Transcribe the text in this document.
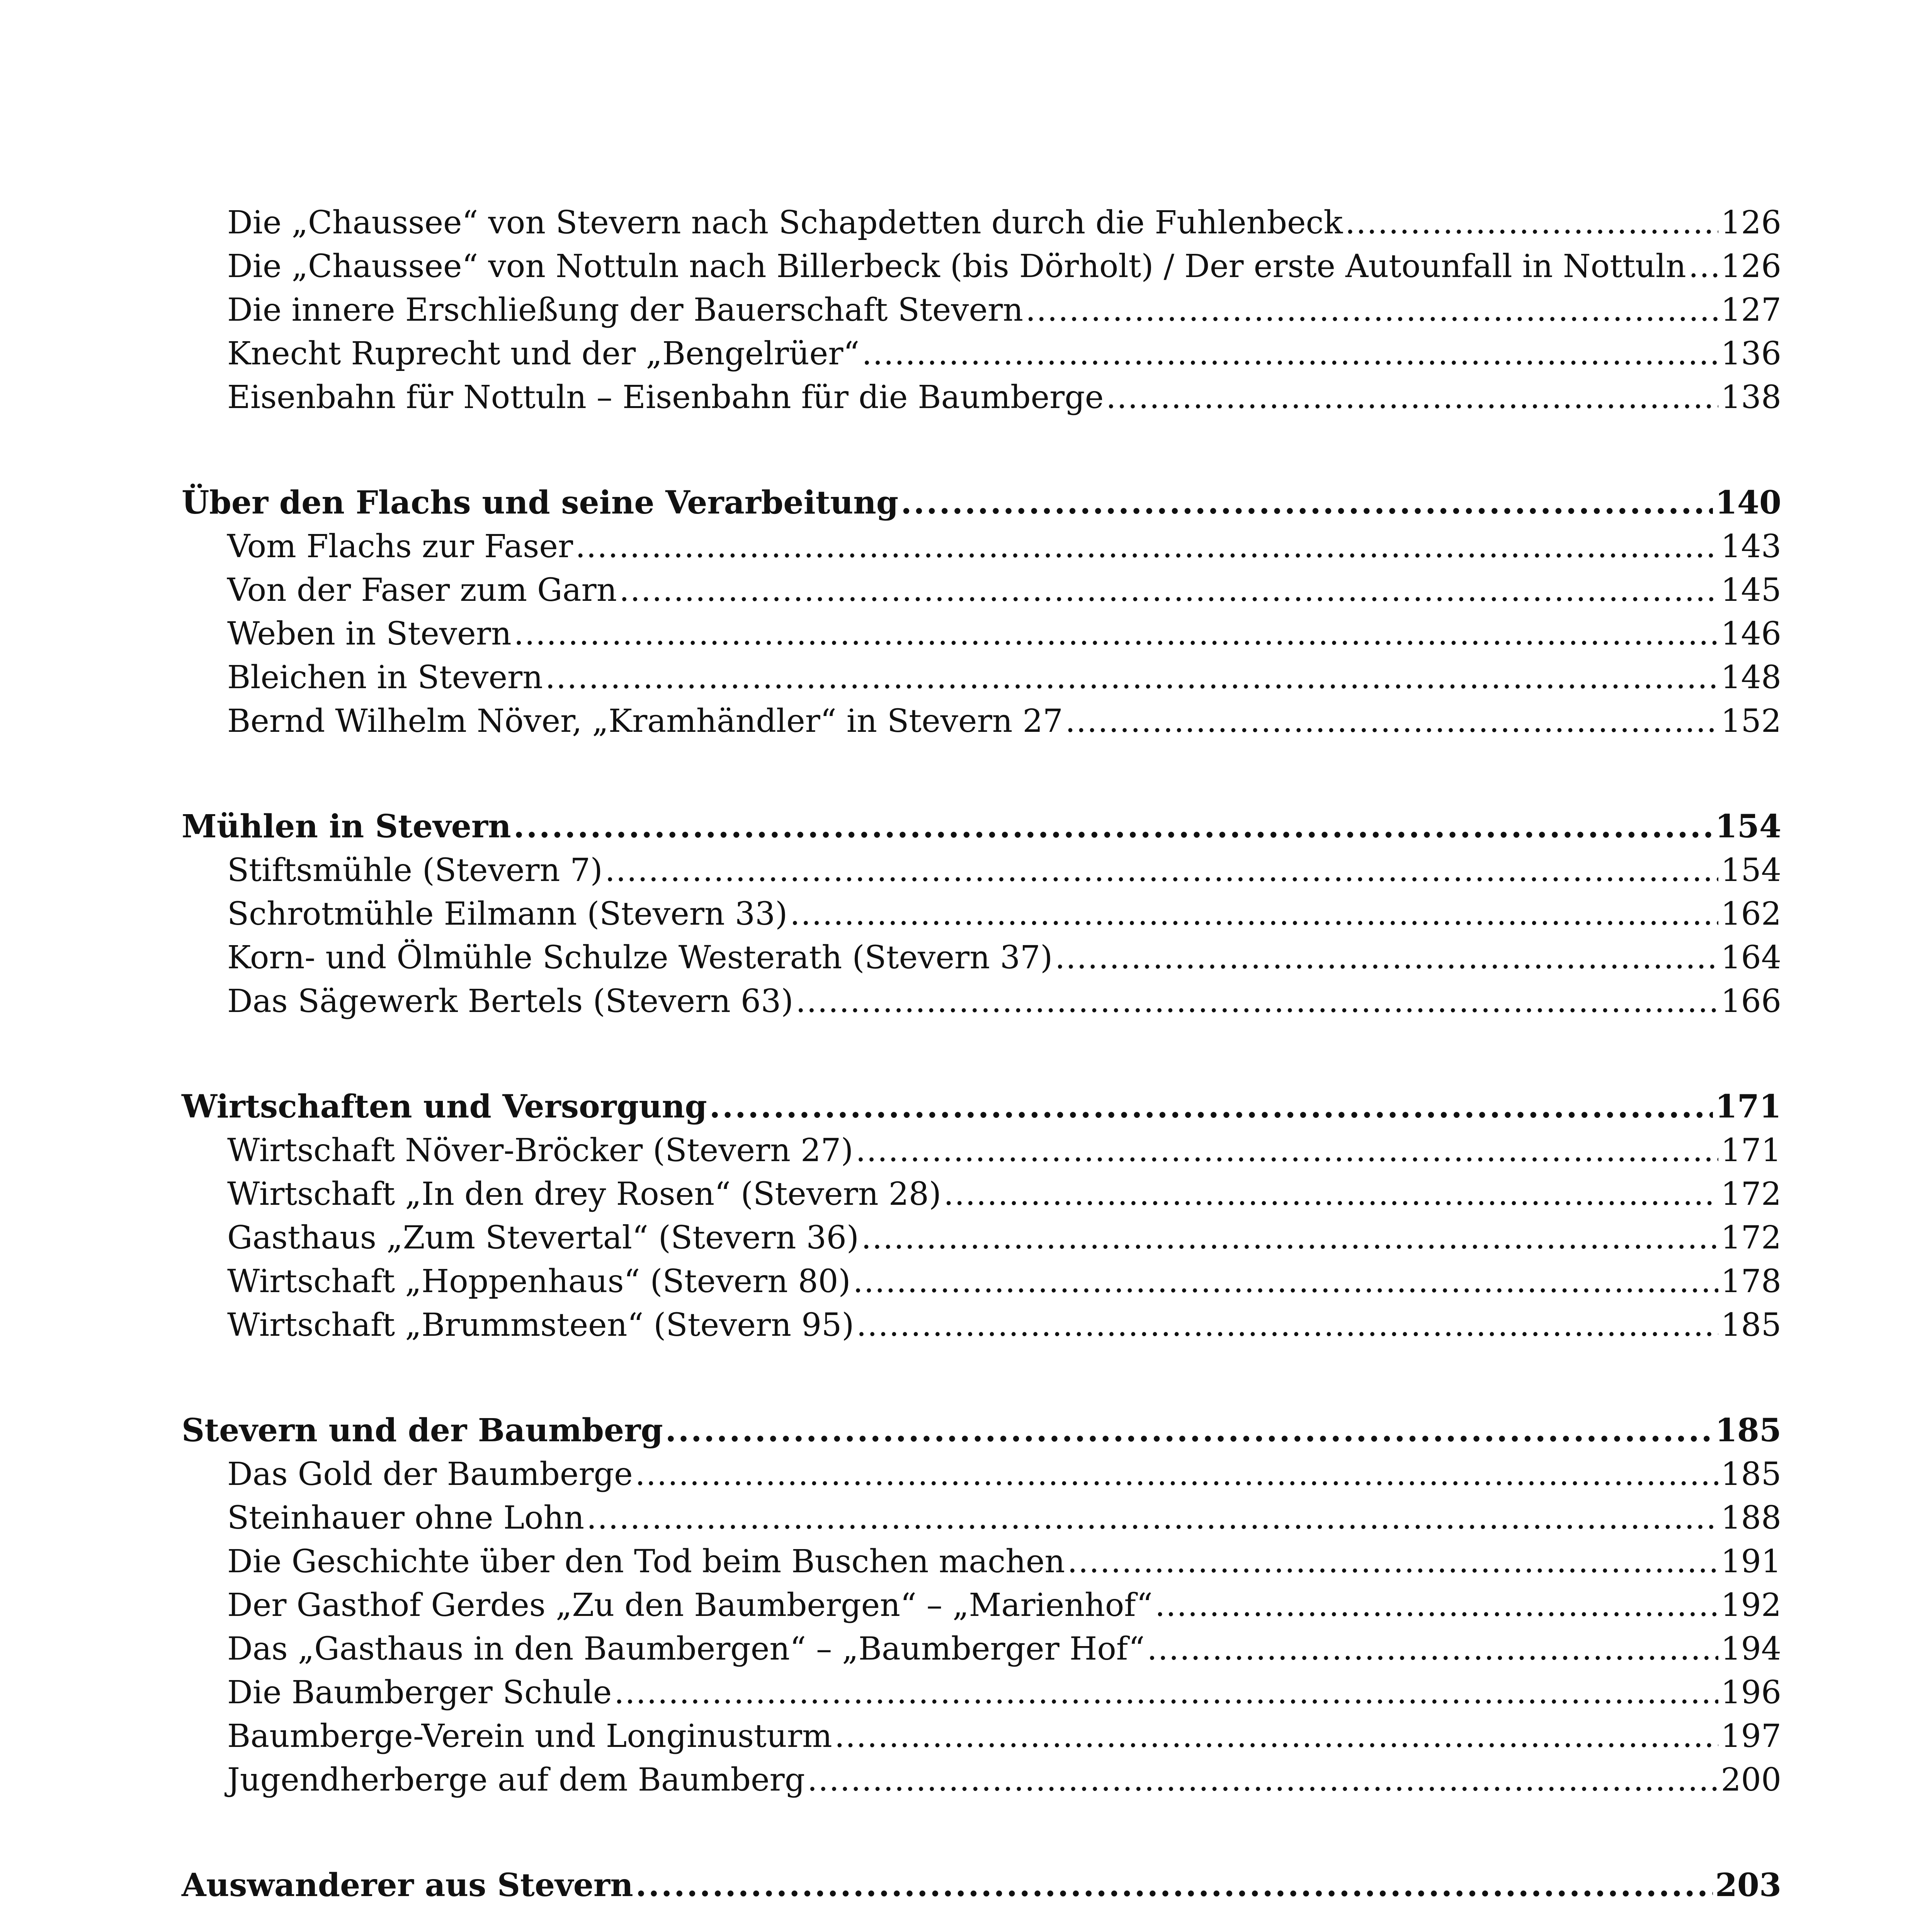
Die „Chaussee“ von Stevern nach Schapdetten durch die Fuhlenbeck . . .	126
Die „Chaussee“ von Nottuln nach Billerbeck (bis Dörholt) / Der erste Autounfall in Nottuln . . . 126
Die innere Erschließung der Bauerschaft Stevern . . .	127
Knecht Ruprecht und der „Bengelrüer“ . . .	136
Eisenbahn für Nottuln – Eisenbahn für die Baumberge . . .	138
Über den Flachs und seine Verarbeitung . . .	140
Vom Flachs zur Faser . . .	143
Von der Faser zum Garn . . .	145
Weben in Stevern . . .	146
Bleichen in Stevern . . .	148
Bernd Wilhelm Növer, „Kramhändler“ in Stevern 27 . . .	152
Mühlen in Stevern . . .	154
Stiftsmühle (Stevern 7) . . .	154
Schrotmühle Eilmann (Stevern 33) . . .	162
Korn- und Ölmühle Schulze Westerath (Stevern 37) . . .	164
Das Sägewerk Bertels (Stevern 63) . . .	166
Wirtschaften und Versorgung . . .	171
Wirtschaft Növer-Bröcker (Stevern 27) . . .	171
Wirtschaft „In den drey Rosen“ (Stevern 28) . . .	172
Gasthaus „Zum Stevertal“ (Stevern 36) . . .	172
Wirtschaft „Hoppenhaus“ (Stevern 80) . . .	178
Wirtschaft „Brummsteen“ (Stevern 95) . . .	185
Stevern und der Baumberg . . .	185
Das Gold der Baumberge . . .	185
Steinhauer ohne Lohn . . .	188
Die Geschichte über den Tod beim Buschen machen . . .	191
Der Gasthof Gerdes „Zu den Baumbergen“ – „Marienhof“ . . .	192
Das „Gasthaus in den Baumbergen“ – „Baumberger Hof“ . . .	194
Die Baumberger Schule . . .	196
Baumberge-Verein und Longinusturm . . .	197
Jugendherberge auf dem Baumberg . . .	200
Auswanderer aus Stevern . . .	203
